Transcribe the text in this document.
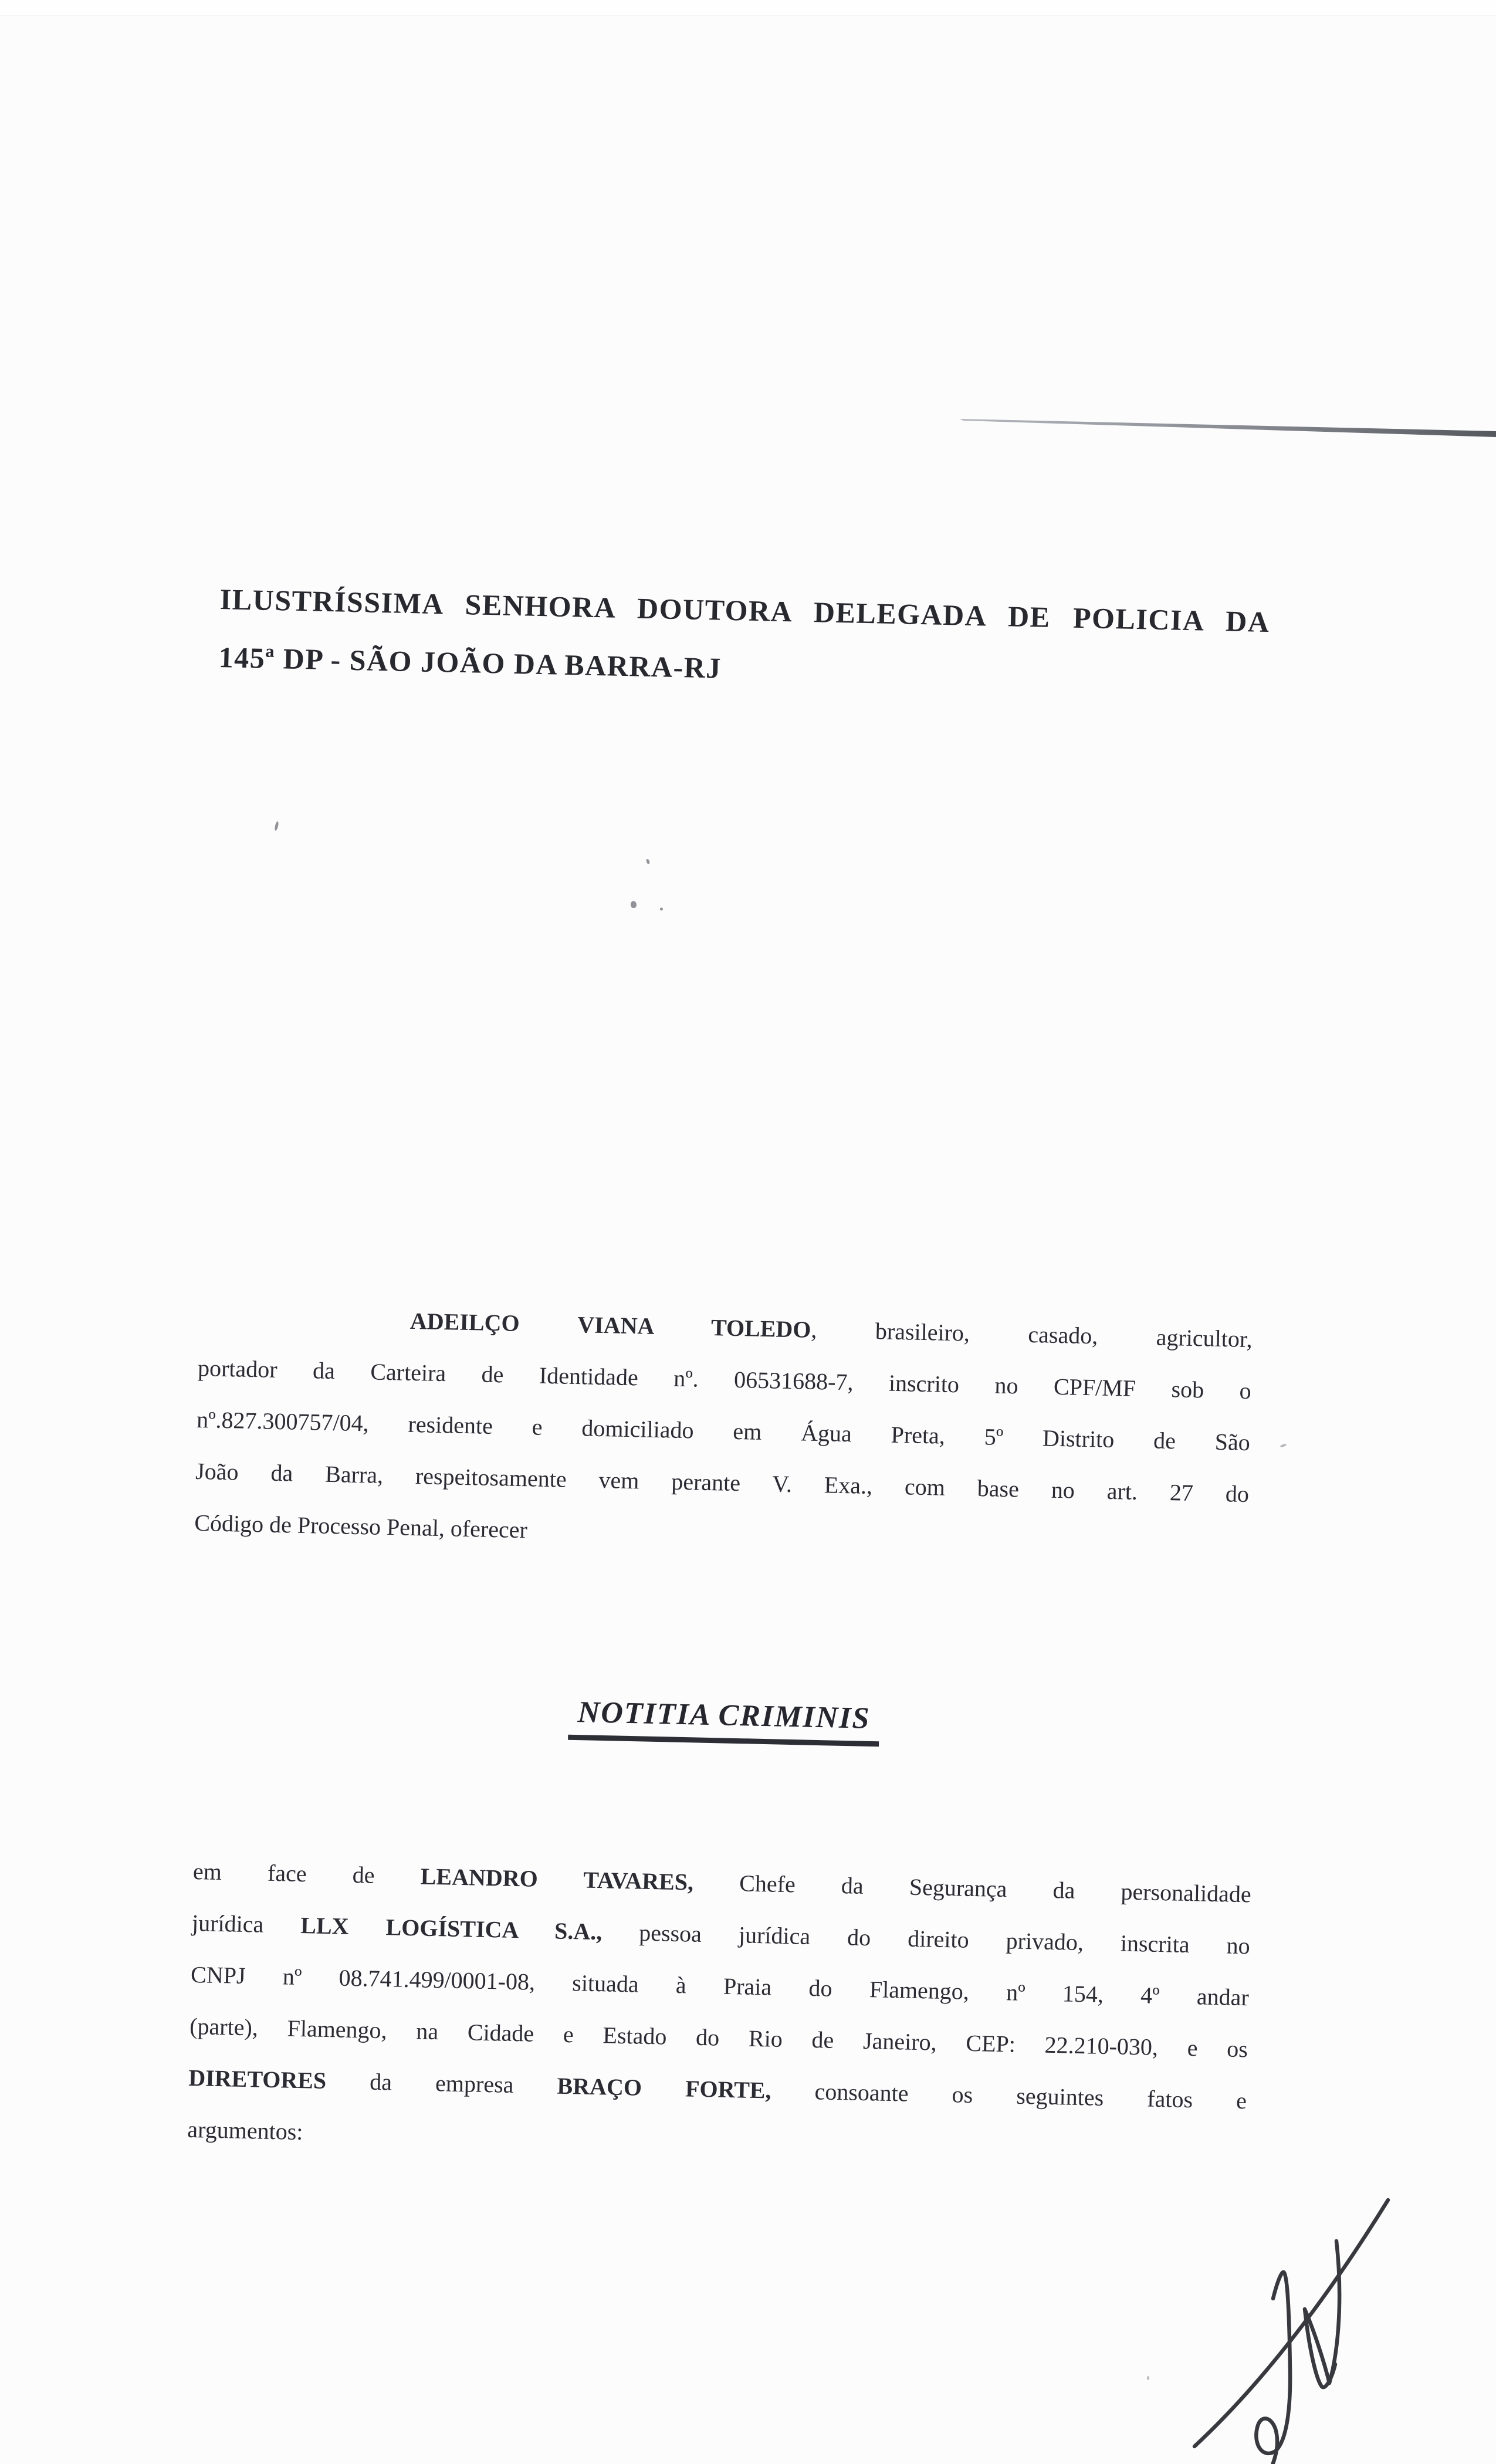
ILUSTRÍSSIMA SENHORA DOUTORA DELEGADA DE POLICIA DA
145ª DP - SÃO JOÃO DA BARRA-RJ
ADEILÇO VIANA TOLEDO, brasileiro, casado, agricultor,
portador da Carteira de Identidade nº. 06531688-7, inscrito no CPF/MF sob o
nº.827.300757/04, residente e domiciliado em Água Preta, 5º Distrito de São
João da Barra, respeitosamente vem perante V. Exa., com base no art. 27 do
Código de Processo Penal, oferecer
NOTITIA CRIMINIS
em face de LEANDRO TAVARES, Chefe da Segurança da personalidade
jurídica LLX LOGÍSTICA S.A., pessoa jurídica do direito privado, inscrita no
CNPJ nº 08.741.499/0001-08, situada à Praia do Flamengo, nº 154, 4º andar
(parte), Flamengo, na Cidade e Estado do Rio de Janeiro, CEP: 22.210-030, e os
DIRETORES da empresa BRAÇO FORTE, consoante os seguintes fatos e
argumentos:
